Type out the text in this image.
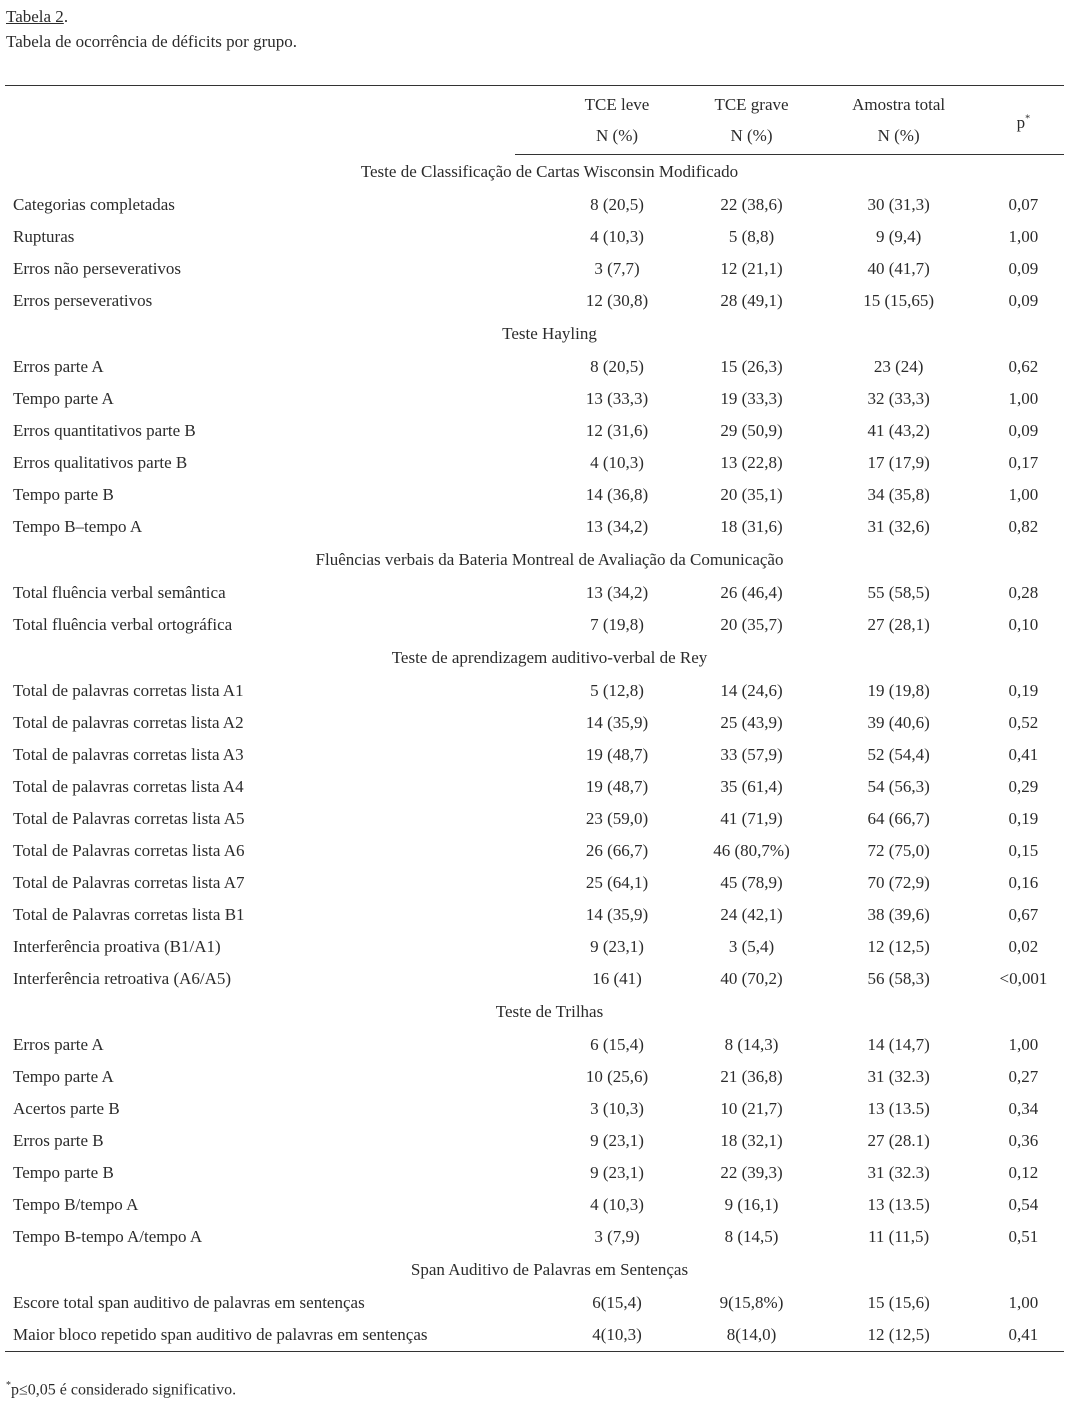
Tabela 2.
Tabela de ocorrência de déficits por grupo.
	TCE leve	TCE grave	Amostra total	p*
	N (%)	N (%)	N (%)	
Teste de Classificação de Cartas Wisconsin Modificado				
Categorias completadas	8 (20,5)	22 (38,6)	30 (31,3)	0,07
Rupturas	4 (10,3)	5 (8,8)	9 (9,4)	1,00
Erros não perseverativos	3 (7,7)	12 (21,1)	40 (41,7)	0,09
Erros perseverativos	12 (30,8)	28 (49,1)	15 (15,65)	0,09
Teste Hayling				
Erros parte A	8 (20,5)	15 (26,3)	23 (24)	0,62
Tempo parte A	13 (33,3)	19 (33,3)	32 (33,3)	1,00
Erros quantitativos parte B	12 (31,6)	29 (50,9)	41 (43,2)	0,09
Erros qualitativos parte B	4 (10,3)	13 (22,8)	17 (17,9)	0,17
Tempo parte B	14 (36,8)	20 (35,1)	34 (35,8)	1,00
Tempo B–tempo A	13 (34,2)	18 (31,6)	31 (32,6)	0,82
Fluências verbais da Bateria Montreal de Avaliação da Comunicação				
Total fluência verbal semântica	13 (34,2)	26 (46,4)	55 (58,5)	0,28
Total fluência verbal ortográfica	7 (19,8)	20 (35,7)	27 (28,1)	0,10
Teste de aprendizagem auditivo-verbal de Rey				
Total de palavras corretas lista A1	5 (12,8)	14 (24,6)	19 (19,8)	0,19
Total de palavras corretas lista A2	14 (35,9)	25 (43,9)	39 (40,6)	0,52
Total de palavras corretas lista A3	19 (48,7)	33 (57,9)	52 (54,4)	0,41
Total de palavras corretas lista A4	19 (48,7)	35 (61,4)	54 (56,3)	0,29
Total de Palavras corretas lista A5	23 (59,0)	41 (71,9)	64 (66,7)	0,19
Total de Palavras corretas lista A6	26 (66,7)	46 (80,7%)	72 (75,0)	0,15
Total de Palavras corretas lista A7	25 (64,1)	45 (78,9)	70 (72,9)	0,16
Total de Palavras corretas lista B1	14 (35,9)	24 (42,1)	38 (39,6)	0,67
Interferência proativa (B1/A1)	9 (23,1)	3 (5,4)	12 (12,5)	0,02
Interferência retroativa (A6/A5)	16 (41)	40 (70,2)	56 (58,3)	<0,001
Teste de Trilhas				
Erros parte A	6 (15,4)	8 (14,3)	14 (14,7)	1,00
Tempo parte A	10 (25,6)	21 (36,8)	31 (32.3)	0,27
Acertos parte B	3 (10,3)	10 (21,7)	13 (13.5)	0,34
Erros parte B	9 (23,1)	18 (32,1)	27 (28.1)	0,36
Tempo parte B	9 (23,1)	22 (39,3)	31 (32.3)	0,12
Tempo B/tempo A	4 (10,3)	9 (16,1)	13 (13.5)	0,54
Tempo B-tempo A/tempo A	3 (7,9)	8 (14,5)	11 (11,5)	0,51
Span Auditivo de Palavras em Sentenças				
Escore total span auditivo de palavras em sentenças	6(15,4)	9(15,8%)	15 (15,6)	1,00
Maior bloco repetido span auditivo de palavras em sentenças	4(10,3)	8(14,0)	12 (12,5)	0,41
*p≤0,05 é considerado significativo.
